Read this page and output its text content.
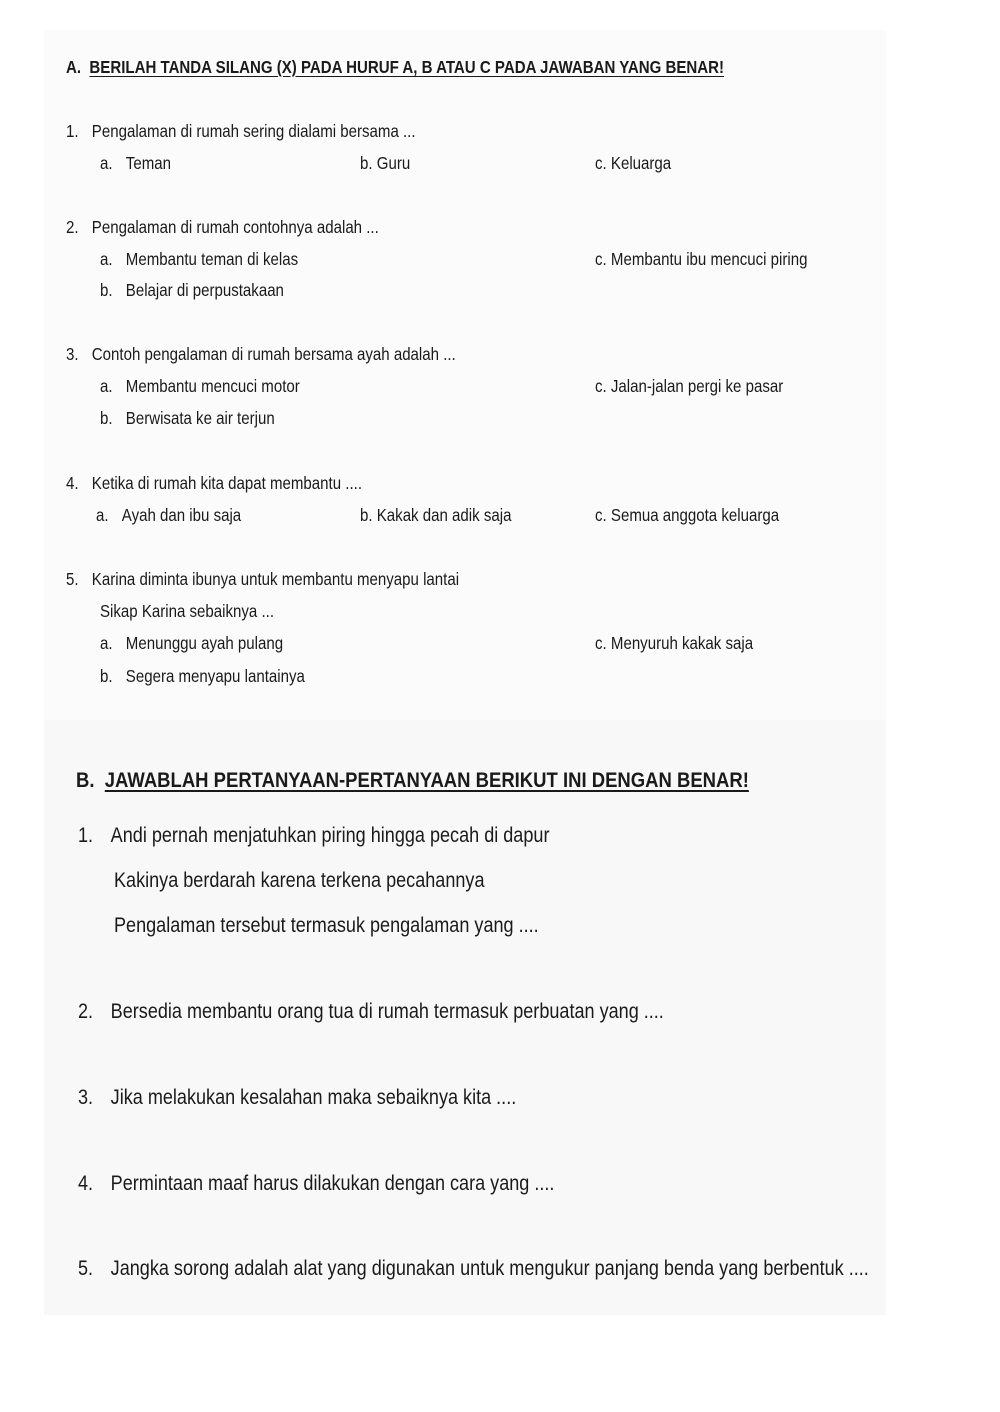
A. BERILAH TANDA SILANG (X) PADA HURUF A, B ATAU C PADA JAWABAN YANG BENAR!
1. Pengalaman di rumah sering dialami bersama ...
a. Teman	b. Guru	c. Keluarga
2. Pengalaman di rumah contohnya adalah ...
a. Membantu teman di kelas	c. Membantu ibu mencuci piring
b. Belajar di perpustakaan
3. Contoh pengalaman di rumah bersama ayah adalah ...
a. Membantu mencuci motor	c. Jalan-jalan pergi ke pasar
b. Berwisata ke air terjun
4. Ketika di rumah kita dapat membantu ....
a. Ayah dan ibu saja	b. Kakak dan adik saja	c. Semua anggota keluarga
5. Karina diminta ibunya untuk membantu menyapu lantai
Sikap Karina sebaiknya ...
a. Menunggu ayah pulang	c. Menyuruh kakak saja
b. Segera menyapu lantainya
B. JAWABLAH PERTANYAAN-PERTANYAAN BERIKUT INI DENGAN BENAR!
1. Andi pernah menjatuhkan piring hingga pecah di dapur
Kakinya berdarah karena terkena pecahannya
Pengalaman tersebut termasuk pengalaman yang ....
2. Bersedia membantu orang tua di rumah termasuk perbuatan yang ....
3. Jika melakukan kesalahan maka sebaiknya kita ....
4. Permintaan maaf harus dilakukan dengan cara yang ....
5. Jangka sorong adalah alat yang digunakan untuk mengukur panjang benda yang berbentuk ....
